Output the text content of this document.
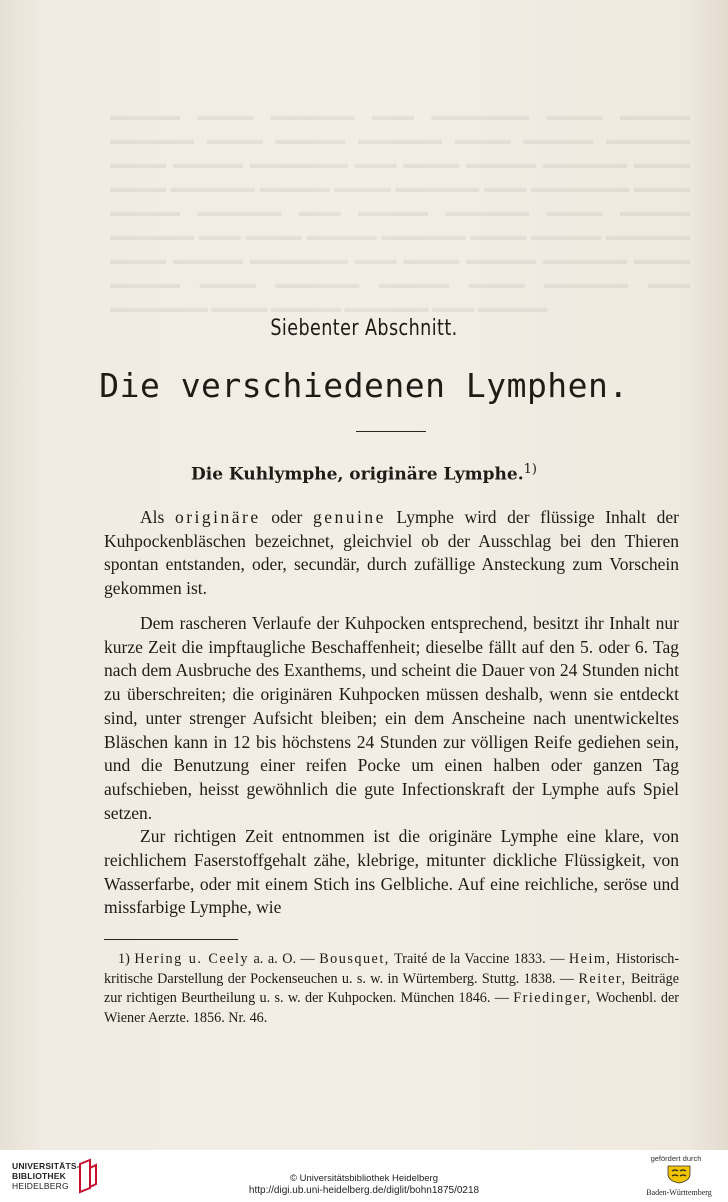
▬▬▬▬▬ ▬▬▬▬ ▬▬▬▬▬▬ ▬▬▬ ▬▬▬▬▬▬▬ ▬▬▬▬ ▬▬▬▬▬ ▬▬▬▬▬▬ ▬▬▬▬ ▬▬▬▬▬ ▬▬▬▬▬▬ ▬▬▬▬ ▬▬▬▬▬ ▬▬▬▬▬▬ ▬▬▬▬ ▬▬▬▬▬ ▬▬▬▬▬▬▬ ▬▬▬ ▬▬▬▬ ▬▬▬▬▬ ▬▬▬▬▬▬ ▬▬▬▬ ▬▬▬▬ ▬▬▬▬▬▬ ▬▬▬▬▬ ▬▬▬▬ ▬▬▬▬▬▬ ▬▬▬ ▬▬▬▬▬▬▬ ▬▬▬▬ ▬▬▬▬▬ ▬▬▬▬▬▬ ▬▬▬ ▬▬▬▬▬ ▬▬▬▬▬▬ ▬▬▬▬ ▬▬▬▬▬ ▬▬▬▬▬▬ ▬▬▬ ▬▬▬▬ ▬▬▬▬▬ ▬▬▬▬▬▬ ▬▬▬▬ ▬▬▬▬▬ ▬▬▬▬▬▬ ▬▬▬▬ ▬▬▬▬▬ ▬▬▬▬▬▬▬ ▬▬▬ ▬▬▬▬ ▬▬▬▬▬ ▬▬▬▬▬▬ ▬▬▬▬ ▬▬▬▬▬ ▬▬▬▬ ▬▬▬▬▬▬ ▬▬▬▬▬ ▬▬▬▬ ▬▬▬▬▬▬ ▬▬▬ ▬▬▬▬▬▬▬ ▬▬▬▬ ▬▬▬▬▬ ▬▬▬▬▬▬ ▬▬▬ ▬▬▬▬▬
Siebenter Abschnitt.
Die verschiedenen Lymphen.
Die Kuhlymphe, originäre Lymphe.$^{1)}$

Als originäre oder genuine Lymphe wird der flüssige Inhalt der Kuhpockenbläschen bezeichnet, gleichviel ob der Ausschlag bei den Thieren spontan entstanden, oder, secundär, durch zufällige Ansteckung zum Vorschein gekommen ist.

Dem rascheren Verlaufe der Kuhpocken entsprechend, besitzt ihr Inhalt nur kurze Zeit die impftaugliche Beschaffenheit; dieselbe fällt auf den 5. oder 6. Tag nach dem Ausbruche des Exanthems, und scheint die Dauer von 24 Stunden nicht zu überschreiten; die originären Kuhpocken müssen deshalb, wenn sie entdeckt sind, unter strenger Aufsicht bleiben; ein dem Anscheine nach unentwickeltes Bläschen kann in 12 bis höchstens 24 Stunden zur völligen Reife gediehen sein, und die Benutzung einer reifen Pocke um einen halben oder ganzen Tag aufschieben, heisst gewöhnlich die gute Infectionskraft der Lymphe aufs Spiel setzen.

Zur richtigen Zeit entnommen ist die originäre Lymphe eine klare, von reichlichem Faserstoffgehalt zähe, klebrige, mitunter dickliche Flüssigkeit, von Wasserfarbe, oder mit einem Stich ins Gelbliche. Auf eine reichliche, seröse und missfarbige Lymphe, wie

1) Hering u. Ceely a. a. O. — Bousquet, Traité de la Vaccine 1833. — Heim, Historisch-kritische Darstellung der Pockenseuchen u. s. w. in Würtemberg. Stuttg. 1838. — Reiter, Beiträge zur richtigen Beurtheilung u. s. w. der Kuhpocken. München 1846. — Friedinger, Wochenbl. der Wiener Aerzte. 1856. Nr. 46.

UNIVERSITÄTS-
BIBLIOTHEK
HEIDELBERG
© Universitätsbibliothek Heidelberg
http://digi.ub.uni-heidelberg.de/diglit/bohn1875/0218
gefördert durch
Baden-Württemberg
